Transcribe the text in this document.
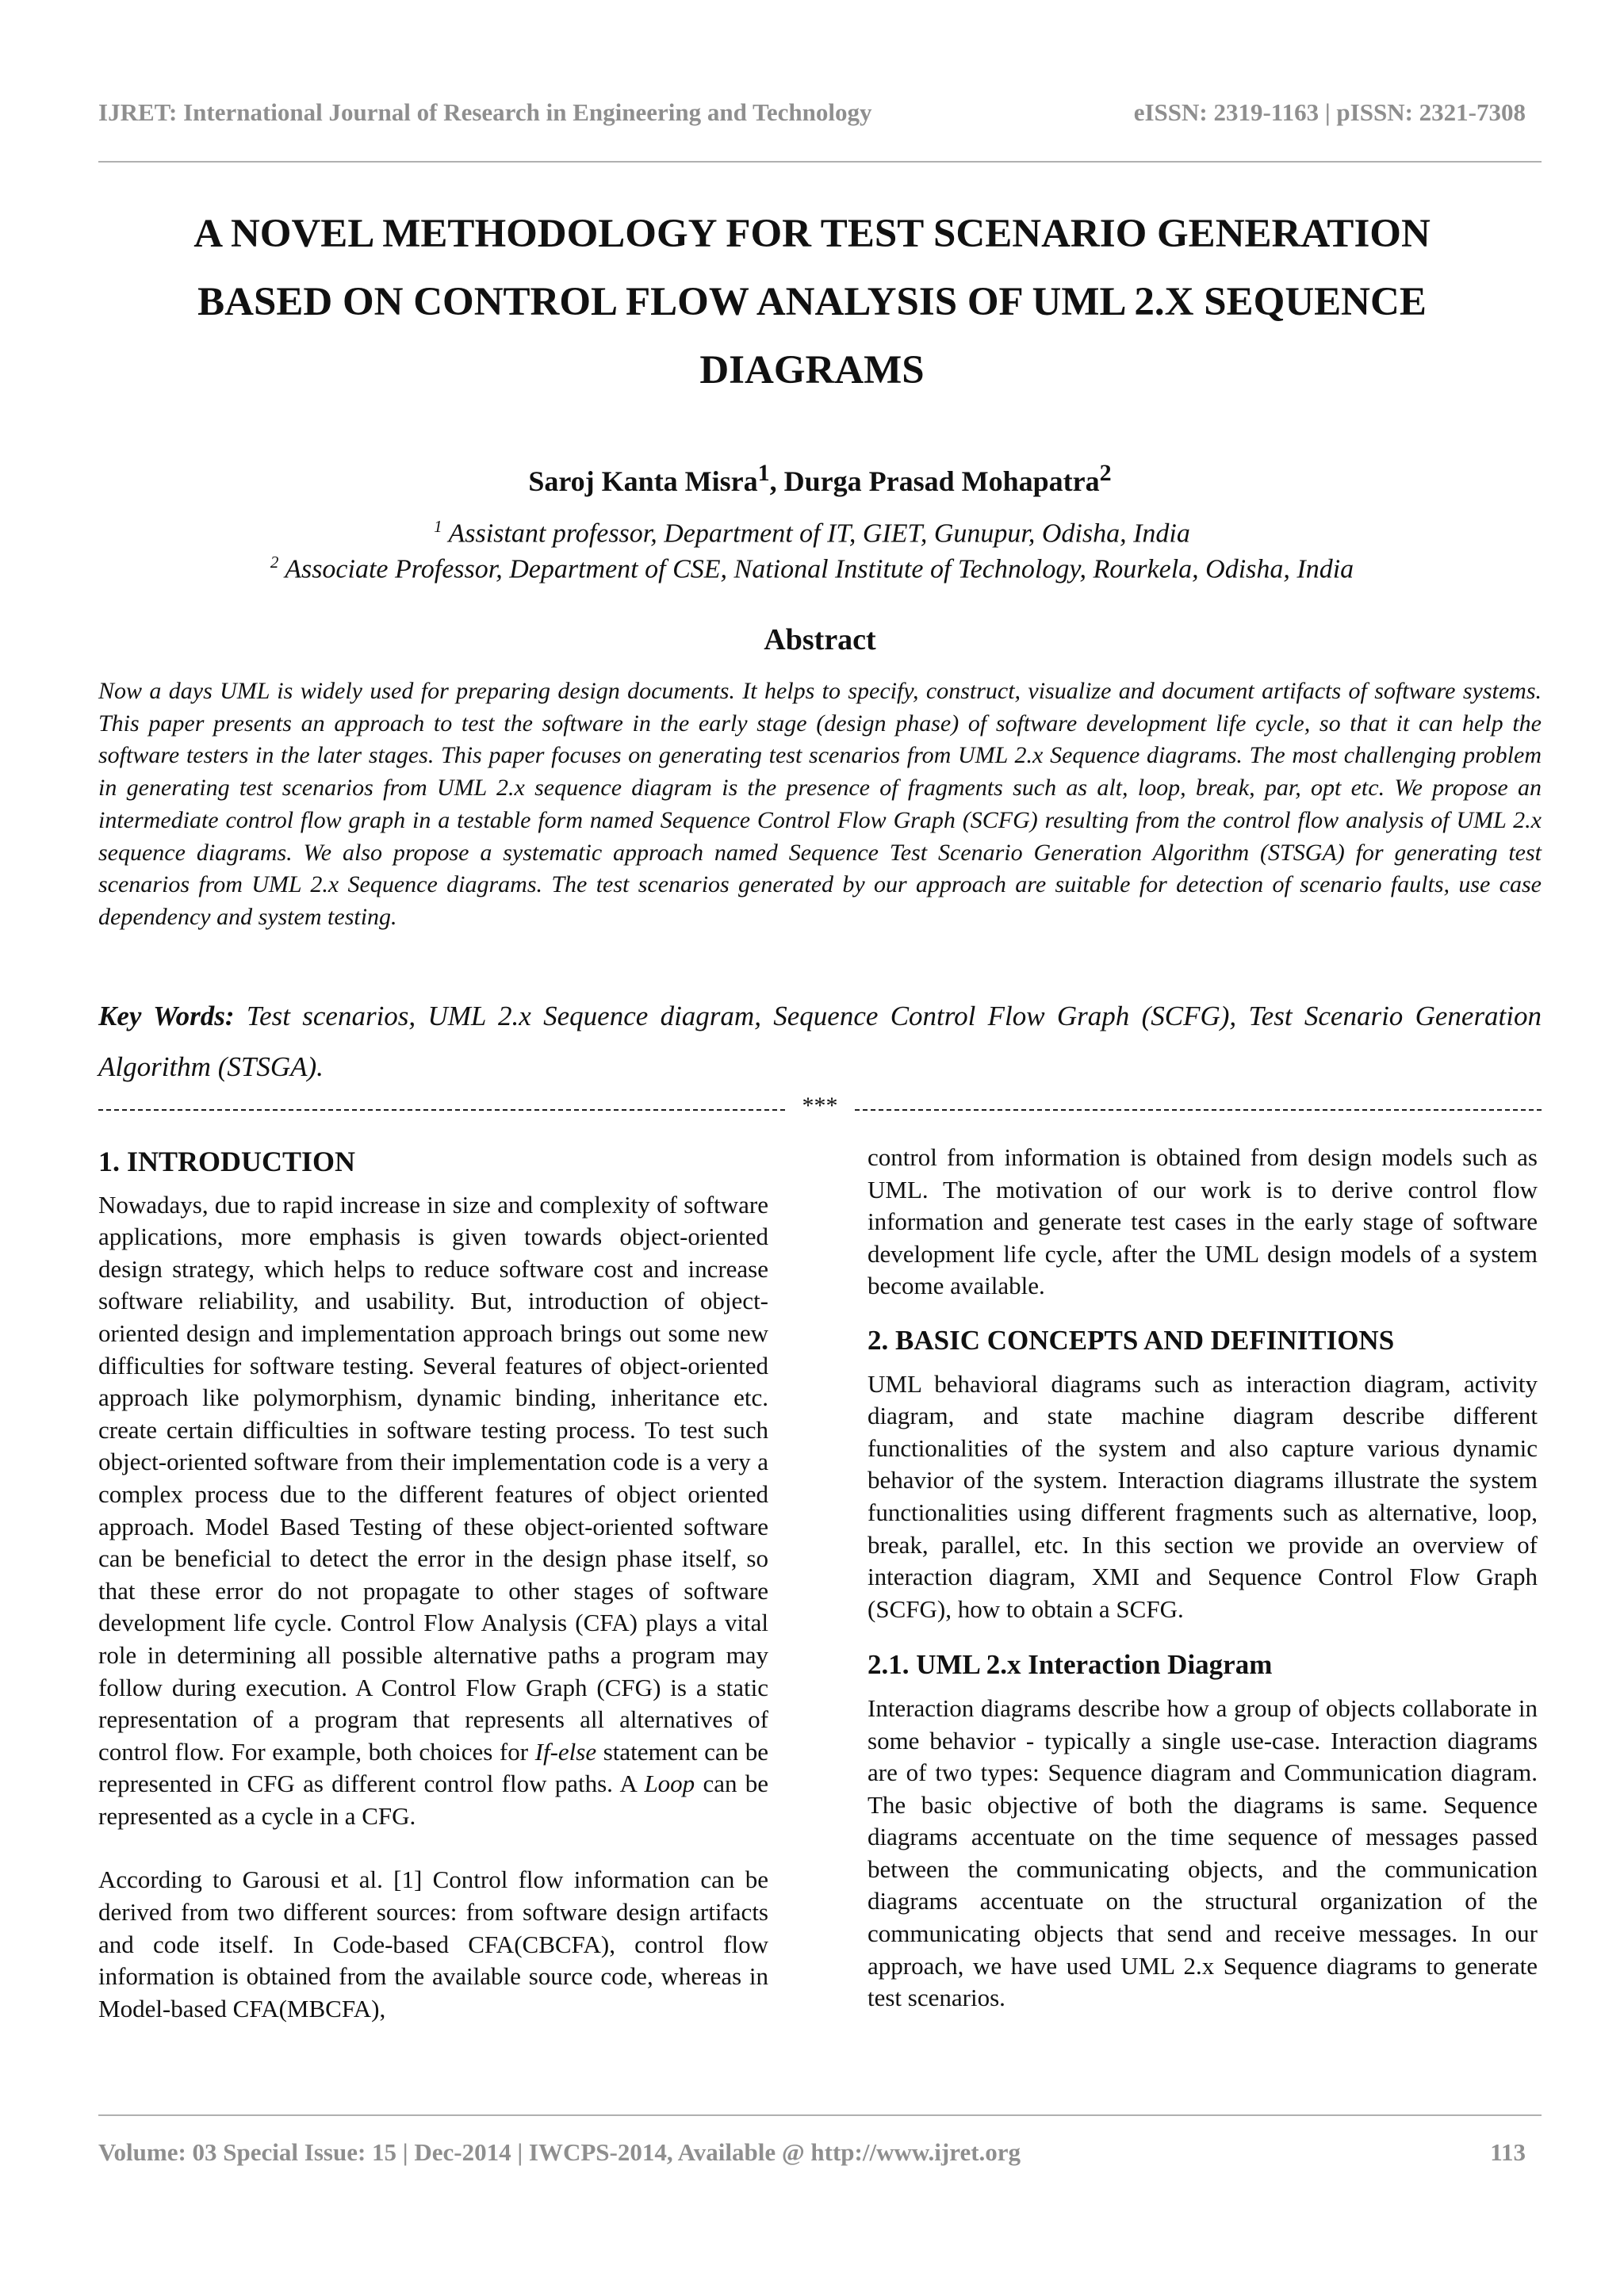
IJRET: International Journal of Research in Engineering and Technology	eISSN: 2319-1163 | pISSN: 2321-7308
A NOVEL METHODOLOGY FOR TEST SCENARIO GENERATION
BASED ON CONTROL FLOW ANALYSIS OF UML 2.X SEQUENCE
DIAGRAMS
Saroj Kanta Misra$^1$, Durga Prasad Mohapatra$^2$
$^1$ Assistant professor, Department of IT, GIET, Gunupur, Odisha, India
$^2$ Associate Professor, Department of CSE, National Institute of Technology, Rourkela, Odisha, India
Abstract
Now a days UML is widely used for preparing design documents. It helps to specify, construct, visualize and document artifacts of software systems. This paper presents an approach to test the software in the early stage (design phase) of software development life cycle, so that it can help the software testers in the later stages. This paper focuses on generating test scenarios from UML 2.x Sequence diagrams. The most challenging problem in generating test scenarios from UML 2.x sequence diagram is the presence of fragments such as alt, loop, break, par, opt etc. We propose an intermediate control flow graph in a testable form named Sequence Control Flow Graph (SCFG) resulting from the control flow analysis of UML 2.x sequence diagrams. We also propose a systematic approach named Sequence Test Scenario Generation Algorithm (STSGA) for generating test scenarios from UML 2.x Sequence diagrams. The test scenarios generated by our approach are suitable for detection of scenario faults, use case dependency and system testing.
Key Words: Test scenarios, UML 2.x Sequence diagram, Sequence Control Flow Graph (SCFG), Test Scenario Generation Algorithm (STSGA).
***

1. INTRODUCTION

Nowadays, due to rapid increase in size and complexity of software applications, more emphasis is given towards object-oriented design strategy, which helps to reduce software cost and increase software reliability, and usability. But, introduction of object-oriented design and implementation approach brings out some new difficulties for software testing. Several features of object-oriented approach like polymorphism, dynamic binding, inheritance etc. create certain difficulties in software testing process. To test such object-oriented software from their implementation code is a very a complex process due to the different features of object oriented approach. Model Based Testing of these object-oriented software can be beneficial to detect the error in the design phase itself, so that these error do not propagate to other stages of software development life cycle. Control Flow Analysis (CFA) plays a vital role in determining all possible alternative paths a program may follow during execution. A Control Flow Graph (CFG) is a static representation of a program that represents all alternatives of control flow. For example, both choices for If-else statement can be represented in CFG as different control flow paths. A Loop can be represented as a cycle in a CFG.

According to Garousi et al. [1] Control flow information can be derived from two different sources: from software design artifacts and code itself. In Code-based CFA(CBCFA), control flow information is obtained from the available source code, whereas in Model-based CFA(MBCFA),

control from information is obtained from design models such as UML. The motivation of our work is to derive control flow information and generate test cases in the early stage of software development life cycle, after the UML design models of a system become available.

2. BASIC CONCEPTS AND DEFINITIONS

UML behavioral diagrams such as interaction diagram, activity diagram, and state machine diagram describe different functionalities of the system and also capture various dynamic behavior of the system. Interaction diagrams illustrate the system functionalities using different fragments such as alternative, loop, break, parallel, etc. In this section we provide an overview of interaction diagram, XMI and Sequence Control Flow Graph (SCFG), how to obtain a SCFG.

2.1. UML 2.x Interaction Diagram

Interaction diagrams describe how a group of objects collaborate in some behavior - typically a single use-case. Interaction diagrams are of two types: Sequence diagram and Communication diagram. The basic objective of both the diagrams is same. Sequence diagrams accentuate on the time sequence of messages passed between the communicating objects, and the communication diagrams accentuate on the structural organization of the communicating objects that send and receive messages. In our approach, we have used UML 2.x Sequence diagrams to generate test scenarios.

Volume: 03 Special Issue: 15 | Dec-2014 | IWCPS-2014, Available @ http://www.ijret.org	113
